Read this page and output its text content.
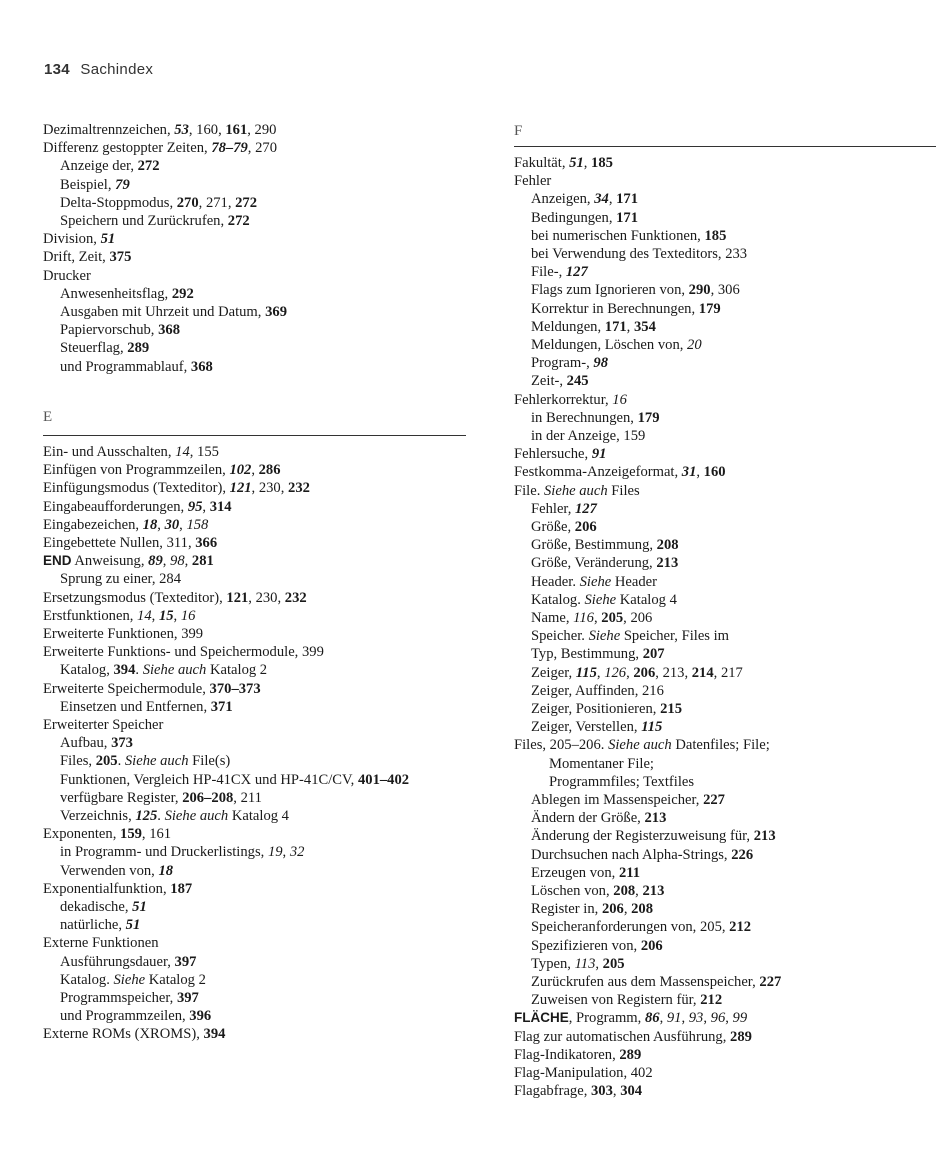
134 Sachindex
Dezimaltrennzeichen, 53, 160, 161, 290
Differenz gestoppter Zeiten, 78–79, 270
Anzeige der, 272
Beispiel, 79
Delta-Stoppmodus, 270, 271, 272
Speichern und Zurückrufen, 272
Division, 51
Drift, Zeit, 375
Drucker
Anwesenheitsflag, 292
Ausgaben mit Uhrzeit und Datum, 369
Papiervorschub, 368
Steuerflag, 289
und Programmablauf, 368
E
Ein- und Ausschalten, 14, 155
Einfügen von Programmzeilen, 102, 286
Einfügungsmodus (Texteditor), 121, 230, 232
Eingabeaufforderungen, 95, 314
Eingabezeichen, 18, 30, 158
Eingebettete Nullen, 311, 366
END Anweisung, 89, 98, 281
Sprung zu einer, 284
Ersetzungsmodus (Texteditor), 121, 230, 232
Erstfunktionen, 14, 15, 16
Erweiterte Funktionen, 399
Erweiterte Funktions- und Speichermodule, 399
Katalog, 394. Siehe auch Katalog 2
Erweiterte Speichermodule, 370–373
Einsetzen und Entfernen, 371
Erweiterter Speicher
Aufbau, 373
Files, 205. Siehe auch File(s)
Funktionen, Vergleich HP-41CX und HP-41C/CV, 401–402
verfügbare Register, 206–208, 211
Verzeichnis, 125. Siehe auch Katalog 4
Exponenten, 159, 161
in Programm- und Druckerlistings, 19, 32
Verwenden von, 18
Exponentialfunktion, 187
dekadische, 51
natürliche, 51
Externe Funktionen
Ausführungsdauer, 397
Katalog. Siehe Katalog 2
Programmspeicher, 397
und Programmzeilen, 396
Externe ROMs (XROMS), 394
F
Fakultät, 51, 185
Fehler
Anzeigen, 34, 171
Bedingungen, 171
bei numerischen Funktionen, 185
bei Verwendung des Texteditors, 233
File-, 127
Flags zum Ignorieren von, 290, 306
Korrektur in Berechnungen, 179
Meldungen, 171, 354
Meldungen, Löschen von, 20
Program-, 98
Zeit-, 245
Fehlerkorrektur, 16
in Berechnungen, 179
in der Anzeige, 159
Fehlersuche, 91
Festkomma-Anzeigeformat, 31, 160
File. Siehe auch Files
Fehler, 127
Größe, 206
Größe, Bestimmung, 208
Größe, Veränderung, 213
Header. Siehe Header
Katalog. Siehe Katalog 4
Name, 116, 205, 206
Speicher. Siehe Speicher, Files im
Typ, Bestimmung, 207
Zeiger, 115, 126, 206, 213, 214, 217
Zeiger, Auffinden, 216
Zeiger, Positionieren, 215
Zeiger, Verstellen, 115
Files, 205–206. Siehe auch Datenfiles; File;
Momentaner File;
Programmfiles; Textfiles
Ablegen im Massenspeicher, 227
Ändern der Größe, 213
Änderung der Registerzuweisung für, 213
Durchsuchen nach Alpha-Strings, 226
Erzeugen von, 211
Löschen von, 208, 213
Register in, 206, 208
Speicheranforderungen von, 205, 212
Spezifizieren von, 206
Typen, 113, 205
Zurückrufen aus dem Massenspeicher, 227
Zuweisen von Registern für, 212
FLÄCHE, Programm, 86, 91, 93, 96, 99
Flag zur automatischen Ausführung, 289
Flag-Indikatoren, 289
Flag-Manipulation, 402
Flagabfrage, 303, 304
